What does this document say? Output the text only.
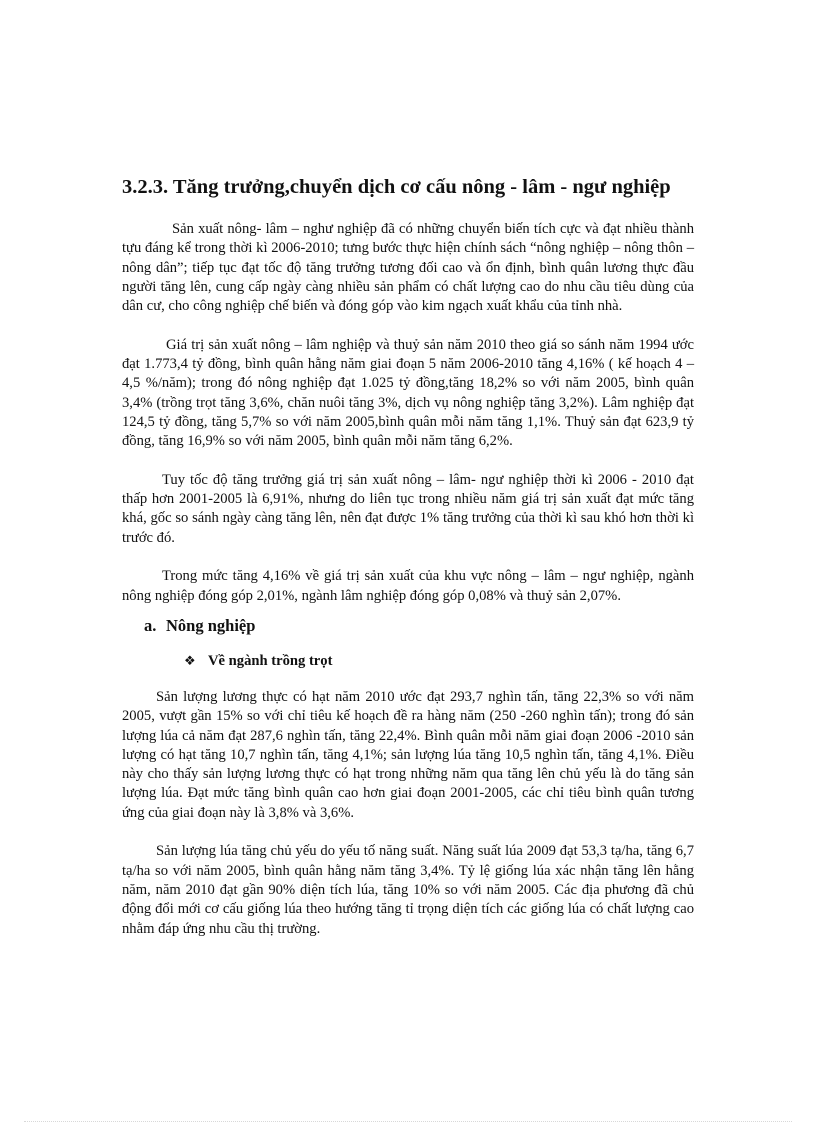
3.2.3. Tăng trưởng,chuyển dịch cơ cấu nông - lâm - ngư nghiệp

Sản xuất nông- lâm – nghư nghiệp đã có những chuyển biến tích cực và đạt nhiều thành tựu đáng kể trong thời kì 2006-2010; tưng bước thực hiện chính sách “nông nghiệp – nông thôn –nông dân”; tiếp tục đạt tốc độ tăng trưởng tương đối cao và ổn định, bình quân lương thực đầu người tăng lên, cung cấp ngày càng nhiều sản phẩm có chất lượng cao do nhu cầu tiêu dùng của dân cư, cho công nghiệp chế biến và đóng góp vào kim ngạch xuất khẩu của tỉnh nhà.

Giá trị sản xuất nông – lâm nghiệp và thuỷ sản năm 2010 theo giá so sánh năm 1994 ước đạt 1.773,4 tỷ đồng, bình quân hằng năm giai đoạn 5 năm 2006-2010 tăng 4,16% ( kế hoạch 4 – 4,5 %/năm); trong đó nông nghiệp đạt 1.025 tỷ đồng,tăng 18,2% so với năm 2005, bình quân 3,4% (trồng trọt tăng 3,6%, chăn nuôi tăng 3%, dịch vụ nông nghiệp tăng 3,2%). Lâm nghiệp đạt 124,5 tỷ đồng, tăng 5,7% so với năm 2005,bình quân mỗi năm tăng 1,1%. Thuỷ sản đạt 623,9 tỷ đồng, tăng 16,9% so với năm 2005, bình quân mỗi năm tăng 6,2%.

Tuy tốc độ tăng trưởng giá trị sản xuất nông – lâm- ngư nghiệp thời kì 2006 - 2010 đạt thấp hơn 2001-2005 là 6,91%, nhưng do liên tục trong nhiều năm giá trị sản xuất đạt mức tăng khá, gốc so sánh ngày càng tăng lên, nên đạt được 1% tăng trưởng của thời kì sau khó hơn thời kì trước đó.

Trong mức tăng 4,16% về giá trị sản xuất của khu vực nông – lâm – ngư nghiệp, ngành nông nghiệp đóng góp 2,01%, ngành lâm nghiệp đóng góp 0,08% và thuỷ sản 2,07%.

a. Nông nghiệp
❖ Về ngành trồng trọt

Sản lượng lương thực có hạt năm 2010 ước đạt 293,7 nghìn tấn, tăng 22,3% so với năm 2005, vượt gần 15% so với chỉ tiêu kế hoạch đề ra hàng năm (250 -260 nghìn tấn); trong đó sản lượng lúa cả năm đạt 287,6 nghìn tấn, tăng 22,4%. Bình quân mỗi năm giai đoạn 2006 -2010 sản lượng có hạt tăng 10,7 nghìn tấn, tăng 4,1%; sản lượng lúa tăng 10,5 nghìn tấn, tăng 4,1%. Điều này cho thấy sản lượng lương thực có hạt trong những năm qua tăng lên chủ yếu là do tăng sản lượng lúa. Đạt mức tăng bình quân cao hơn giai đoạn 2001-2005, các chỉ tiêu bình quân tương ứng của giai đoạn này là 3,8% và 3,6%.

Sản lượng lúa tăng chủ yếu do yếu tố năng suất. Năng suất lúa 2009 đạt 53,3 tạ/ha, tăng 6,7 tạ/ha so với năm 2005, bình quân hằng năm tăng 3,4%. Tỷ lệ giống lúa xác nhận tăng lên hằng năm, năm 2010 đạt gần 90% diện tích lúa, tăng 10% so với năm 2005. Các địa phương đã chủ động đổi mới cơ cấu giống lúa theo hướng tăng tỉ trọng diện tích các giống lúa có chất lượng cao nhằm đáp ứng nhu cầu thị trường.
